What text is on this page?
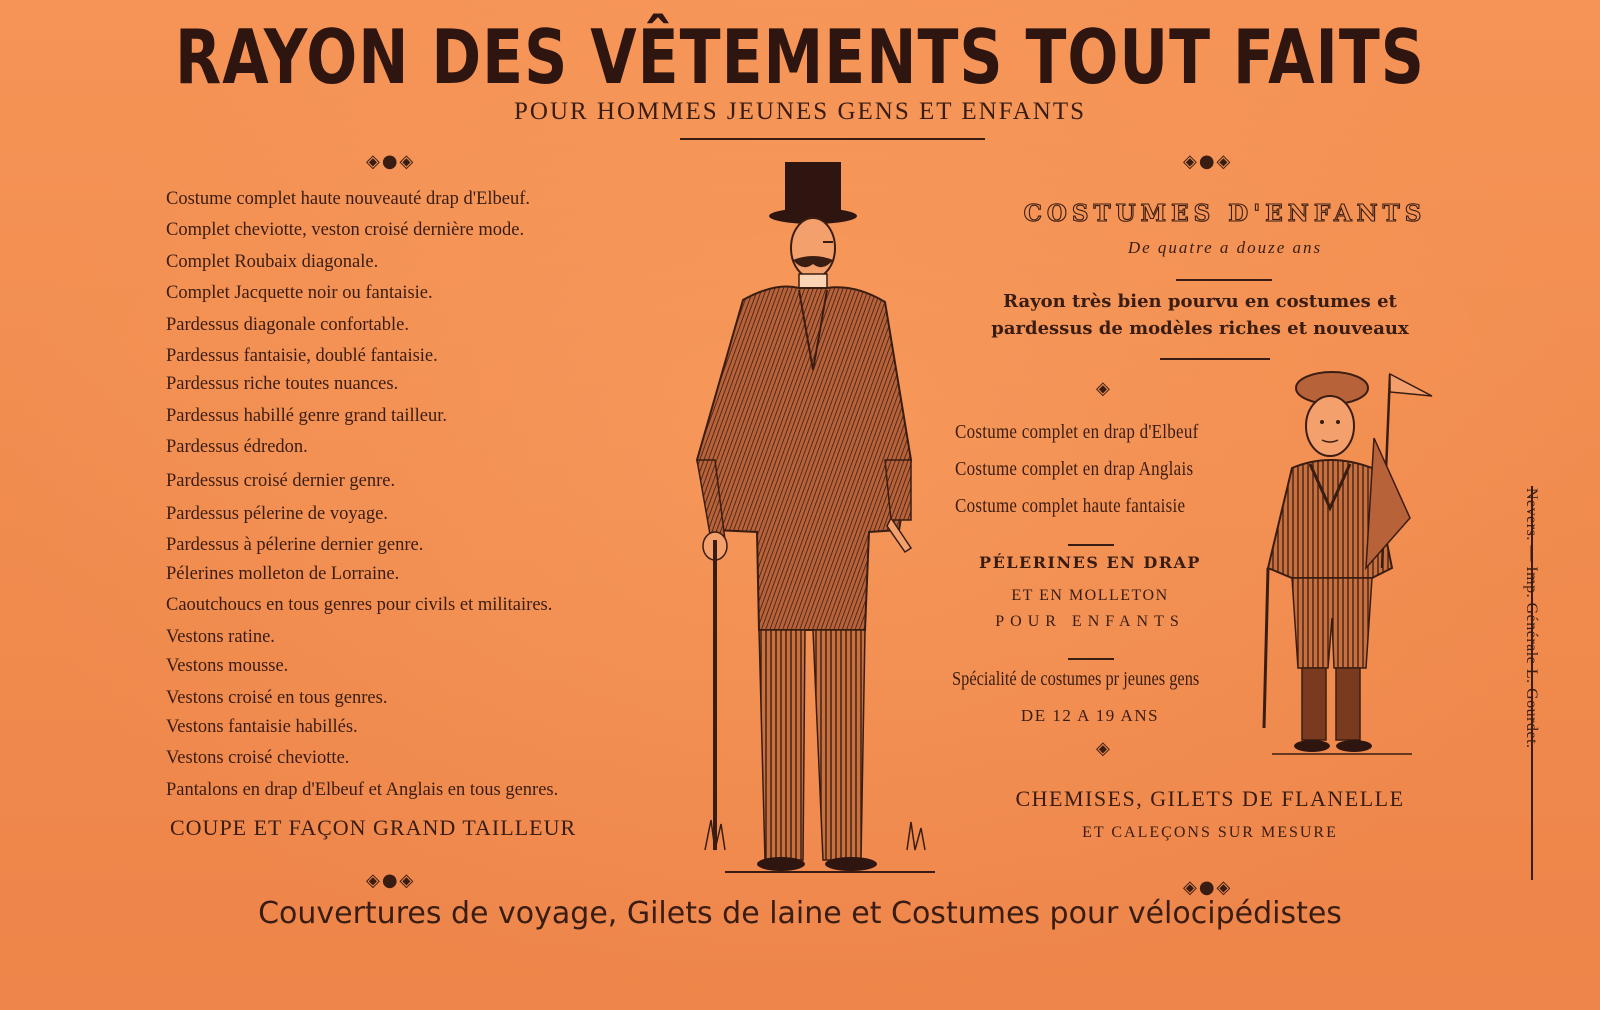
RAYON DES VÊTEMENTS TOUT FAITS
POUR HOMMES JEUNES GENS ET ENFANTS
◈●◈	◈●◈
◈
◈
◈●◈	◈●◈
Costume complet haute nouveauté drap d'Elbeuf.
Complet cheviotte, veston croisé dernière mode.
Complet Roubaix diagonale.
Complet Jacquette noir ou fantaisie.
Pardessus diagonale confortable.
Pardessus fantaisie, doublé fantaisie.
Pardessus riche toutes nuances.
Pardessus habillé genre grand tailleur.
Pardessus édredon.
Pardessus croisé dernier genre.
Pardessus pélerine de voyage.
Pardessus à pélerine dernier genre.
Pélerines molleton de Lorraine.
Caoutchoucs en tous genres pour civils et militaires.
Vestons ratine.
Vestons mousse.
Vestons croisé en tous genres.
Vestons fantaisie habillés.
Vestons croisé cheviotte.
Pantalons en drap d'Elbeuf et Anglais en tous genres.
COUPE ET FAÇON GRAND TAILLEUR
COSTUMES D'ENFANTS
De quatre a douze ans
Rayon très bien pourvu en costumes et
pardessus de modèles riches et nouveaux
Costume complet en drap d'Elbeuf
Costume complet en drap Anglais
Costume complet haute fantaisie
PÉLERINES EN DRAP
ET EN MOLLETON
POUR ENFANTS
Spécialité de costumes pr jeunes gens
DE 12 A 19 ANS
CHEMISES, GILETS DE FLANELLE
ET CALEÇONS SUR MESURE
Nevers. — Imp. Générale L. Gourdet.
Couvertures de voyage, Gilets de laine et Costumes pour vélocipédistes
